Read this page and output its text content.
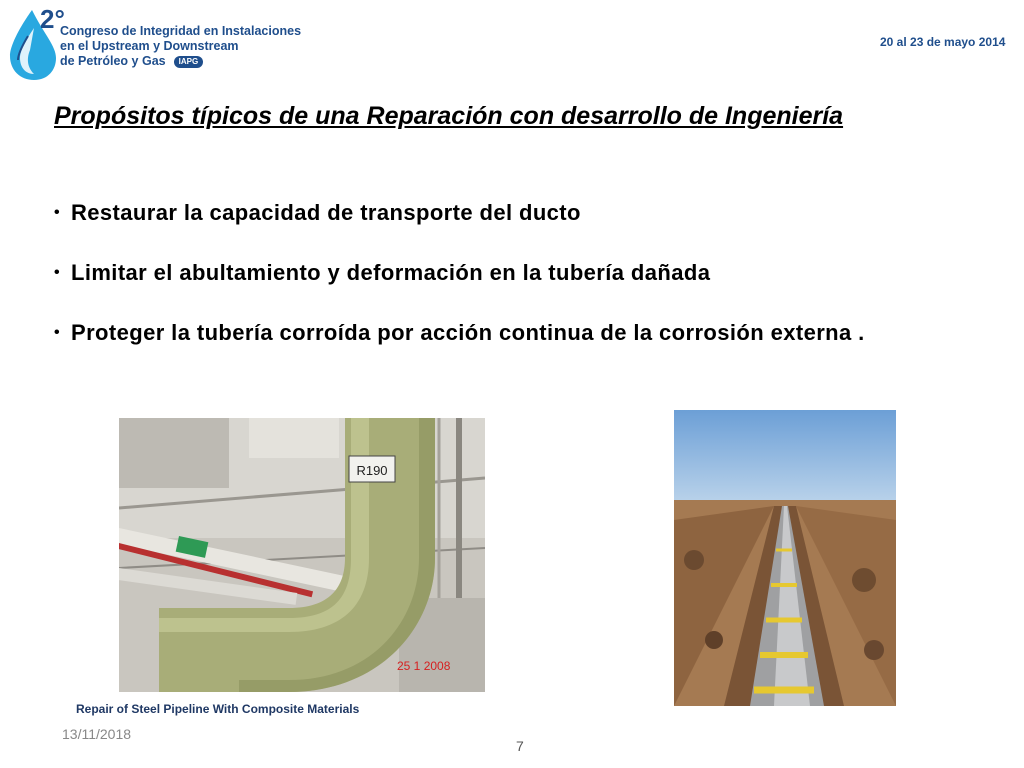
2°
Congreso de Integridad en Instalaciones
en el Upstream y Downstream
de Petróleo y Gas IAPG
20 al 23 de mayo 2014
Propósitos típicos de una Reparación con desarrollo de Ingeniería
• Restaurar la capacidad de transporte del ducto
• Limitar el abultamiento y deformación en la tubería dañada
• Proteger la tubería corroída por acción continua de la corrosión externa .
R190
25 1 2008
Repair of Steel Pipeline With Composite Materials
13/11/2018
7
